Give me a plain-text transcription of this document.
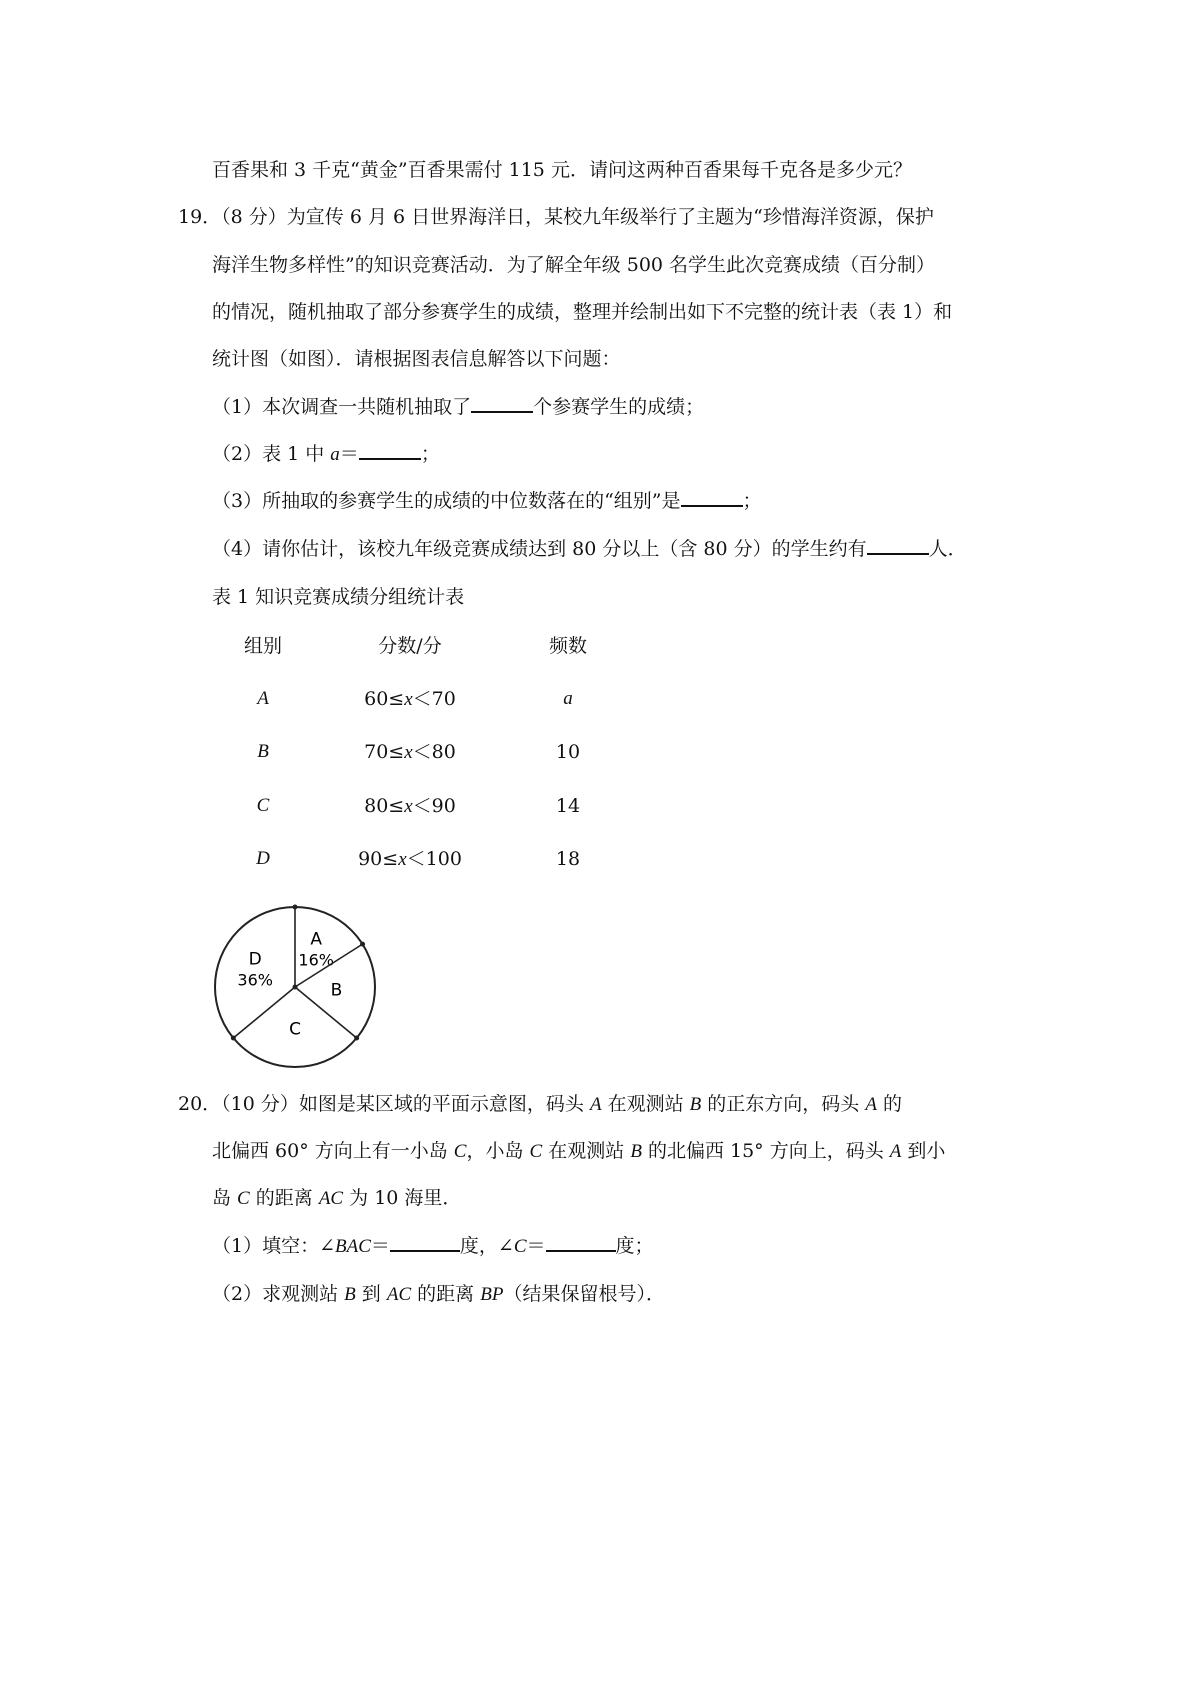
百香果和 3 千克“黄金”百香果需付 115 元．请问这两种百香果每千克各是多少元？
19．（8 分）为宣传 6 月 6 日世界海洋日，某校九年级举行了主题为“珍惜海洋资源，保护
海洋生物多样性”的知识竞赛活动．为了解全年级 500 名学生此次竞赛成绩（百分制）
的情况，随机抽取了部分参赛学生的成绩，整理并绘制出如下不完整的统计表（表 1）和
统计图（如图）．请根据图表信息解答以下问题：
（1）本次调查一共随机抽取了	个参赛学生的成绩；
（2）表 1 中 a＝	；
（3）所抽取的参赛学生的成绩的中位数落在的“组别”是	；
（4）请你估计，该校九年级竞赛成绩达到 80 分以上（含 80 分）的学生约有	人．
表 1 知识竞赛成绩分组统计表
组别	分数/分	频数
A	60≤x＜70	a
B	70≤x＜80	10
C	80≤x＜90	14
D	90≤x＜100	18
A
16%
B
C
D
36%
20．（10 分）如图是某区域的平面示意图，码头 A 在观测站 B 的正东方向，码头 A 的
北偏西 60° 方向上有一小岛 C，小岛 C 在观测站 B 的北偏西 15° 方向上，码头 A 到小
岛 C 的距离 AC 为 10 海里．
（1）填空：∠BAC＝	度，∠C＝	度；
（2）求观测站 B 到 AC 的距离 BP（结果保留根号）．
